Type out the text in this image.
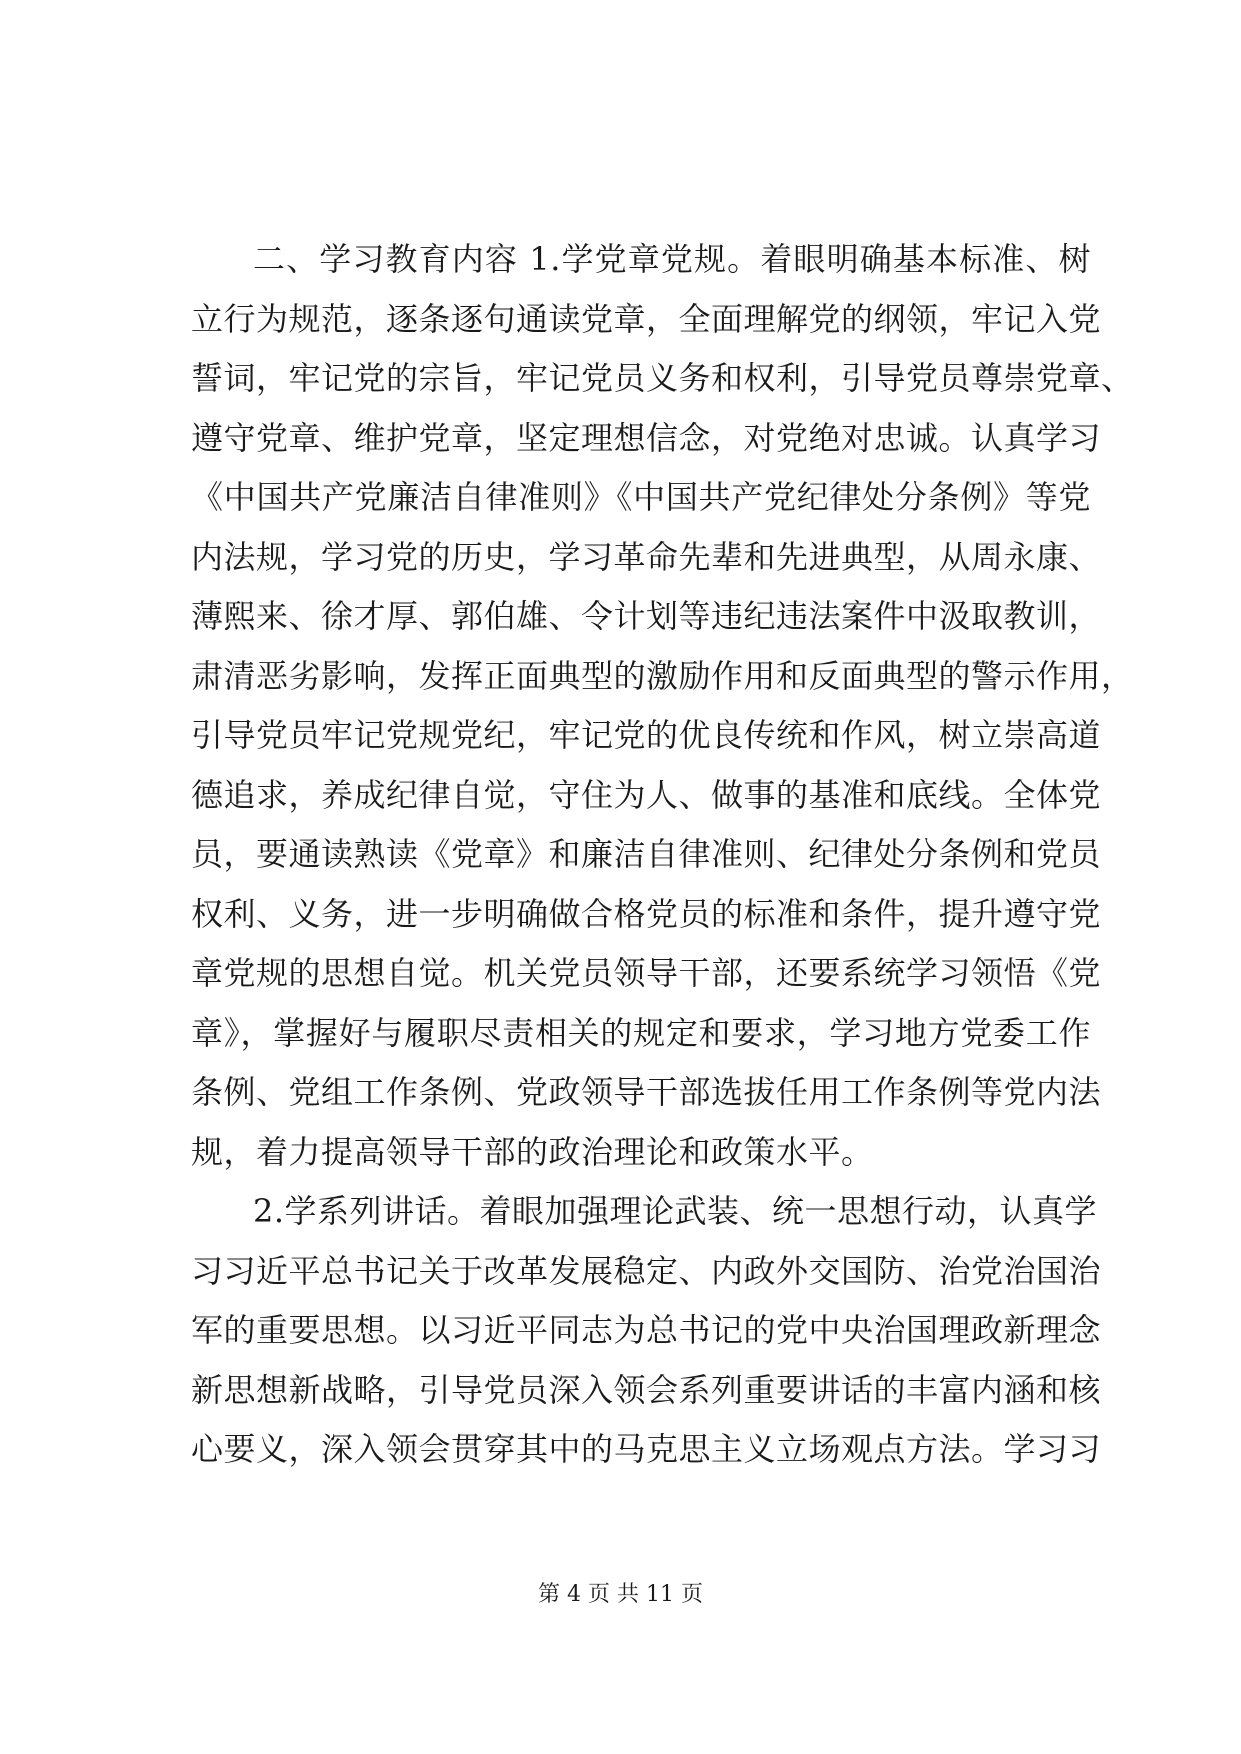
二、学习教育内容 1.学党章党规。着眼明确基本标准、树
立行为规范，逐条逐句通读党章，全面理解党的纲领，牢记入党
誓词，牢记党的宗旨，牢记党员义务和权利，引导党员尊崇党章、
遵守党章、维护党章，坚定理想信念，对党绝对忠诚。认真学习
《中国共产党廉洁自律准则》《中国共产党纪律处分条例》等党
内法规，学习党的历史，学习革命先辈和先进典型，从周永康、
薄熙来、徐才厚、郭伯雄、令计划等违纪违法案件中汲取教训，
肃清恶劣影响，发挥正面典型的激励作用和反面典型的警示作用，
引导党员牢记党规党纪，牢记党的优良传统和作风，树立崇高道
德追求，养成纪律自觉，守住为人、做事的基准和底线。全体党
员，要通读熟读《党章》和廉洁自律准则、纪律处分条例和党员
权利、义务，进一步明确做合格党员的标准和条件，提升遵守党
章党规的思想自觉。机关党员领导干部，还要系统学习领悟《党
章》，掌握好与履职尽责相关的规定和要求，学习地方党委工作
条例、党组工作条例、党政领导干部选拔任用工作条例等党内法
规，着力提高领导干部的政治理论和政策水平。
2.学系列讲话。着眼加强理论武装、统一思想行动，认真学
习习近平总书记关于改革发展稳定、内政外交国防、治党治国治
军的重要思想。以习近平同志为总书记的党中央治国理政新理念
新思想新战略，引导党员深入领会系列重要讲话的丰富内涵和核
心要义，深入领会贯穿其中的马克思主义立场观点方法。学习习
第 4 页 共 11 页
